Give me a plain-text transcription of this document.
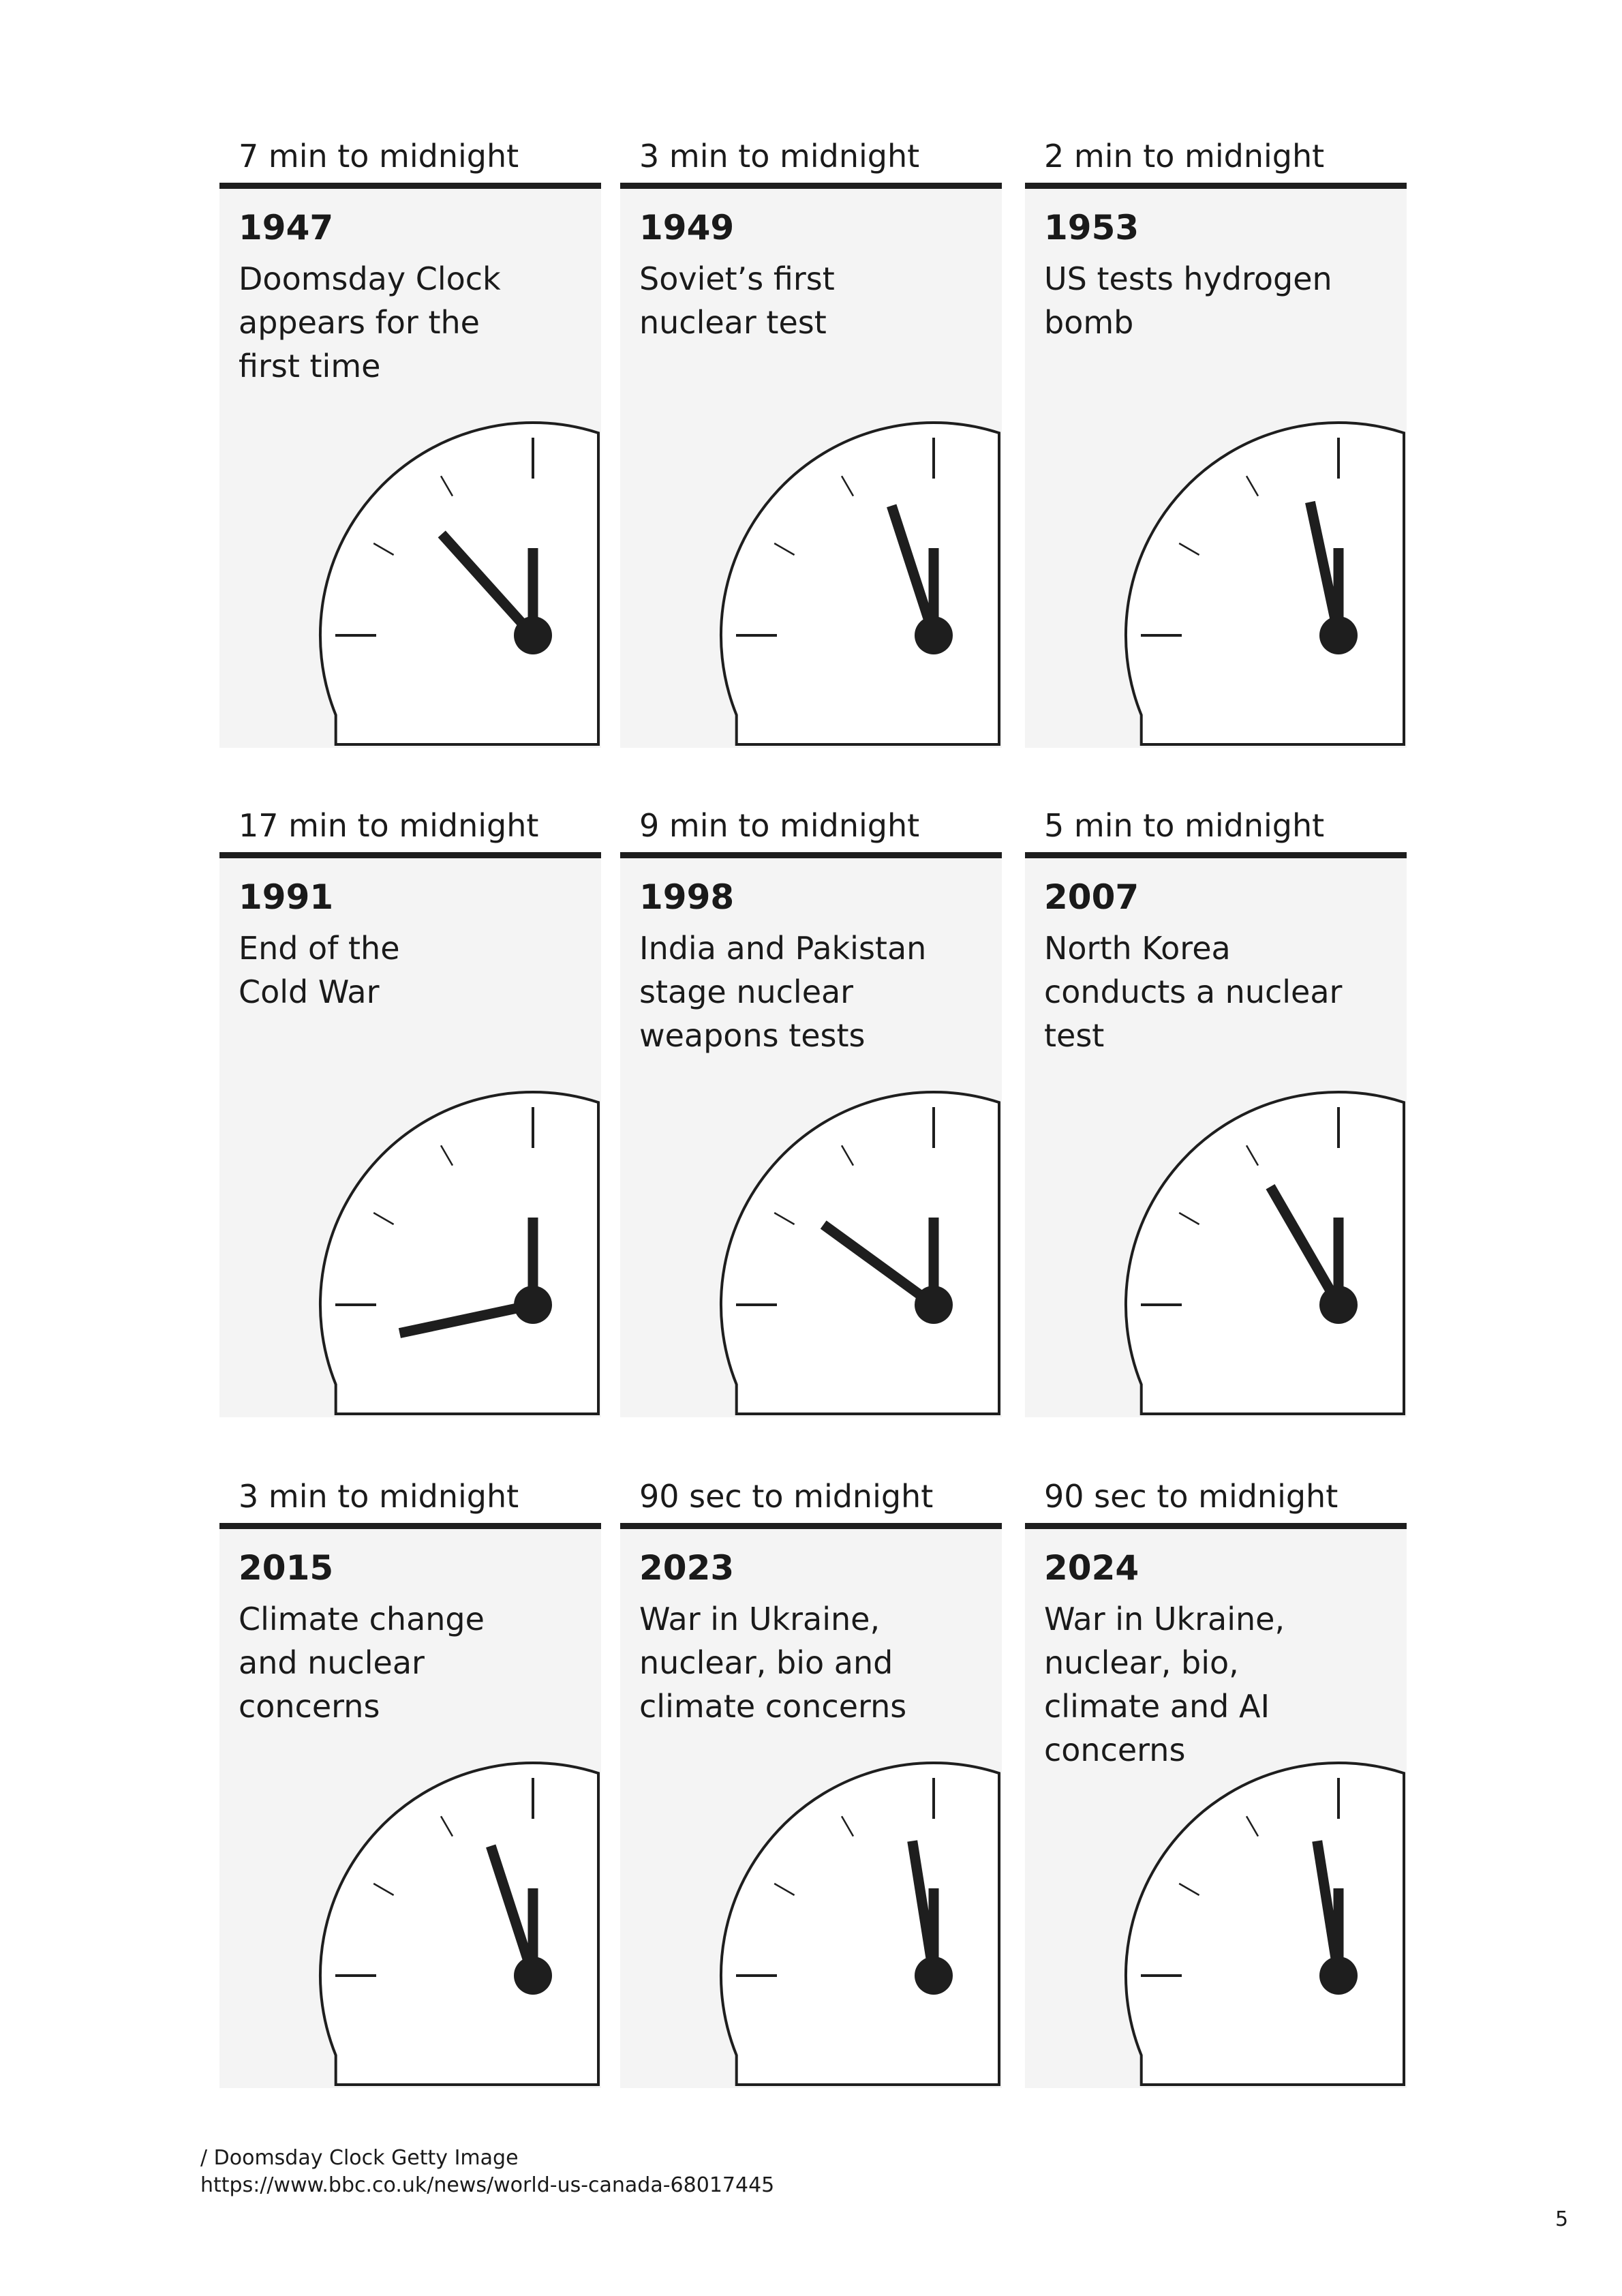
7 min to midnight
1947
Doomsday Clock
appears for the
first time
3 min to midnight
1949
Soviet’s first
nuclear test
2 min to midnight
1953
US tests hydrogen
bomb
17 min to midnight
1991
End of the
Cold War
9 min to midnight
1998
India and Pakistan
stage nuclear
weapons tests
5 min to midnight
2007
North Korea
conducts a nuclear
test
3 min to midnight
2015
Climate change
and nuclear
concerns
90 sec to midnight
2023
War in Ukraine,
nuclear, bio and
climate concerns
90 sec to midnight
2024
War in Ukraine,
nuclear, bio,
climate and AI
concerns
/ Doomsday Clock Getty Image
https://www.bbc.co.uk/news/world-us-canada-68017445
5
